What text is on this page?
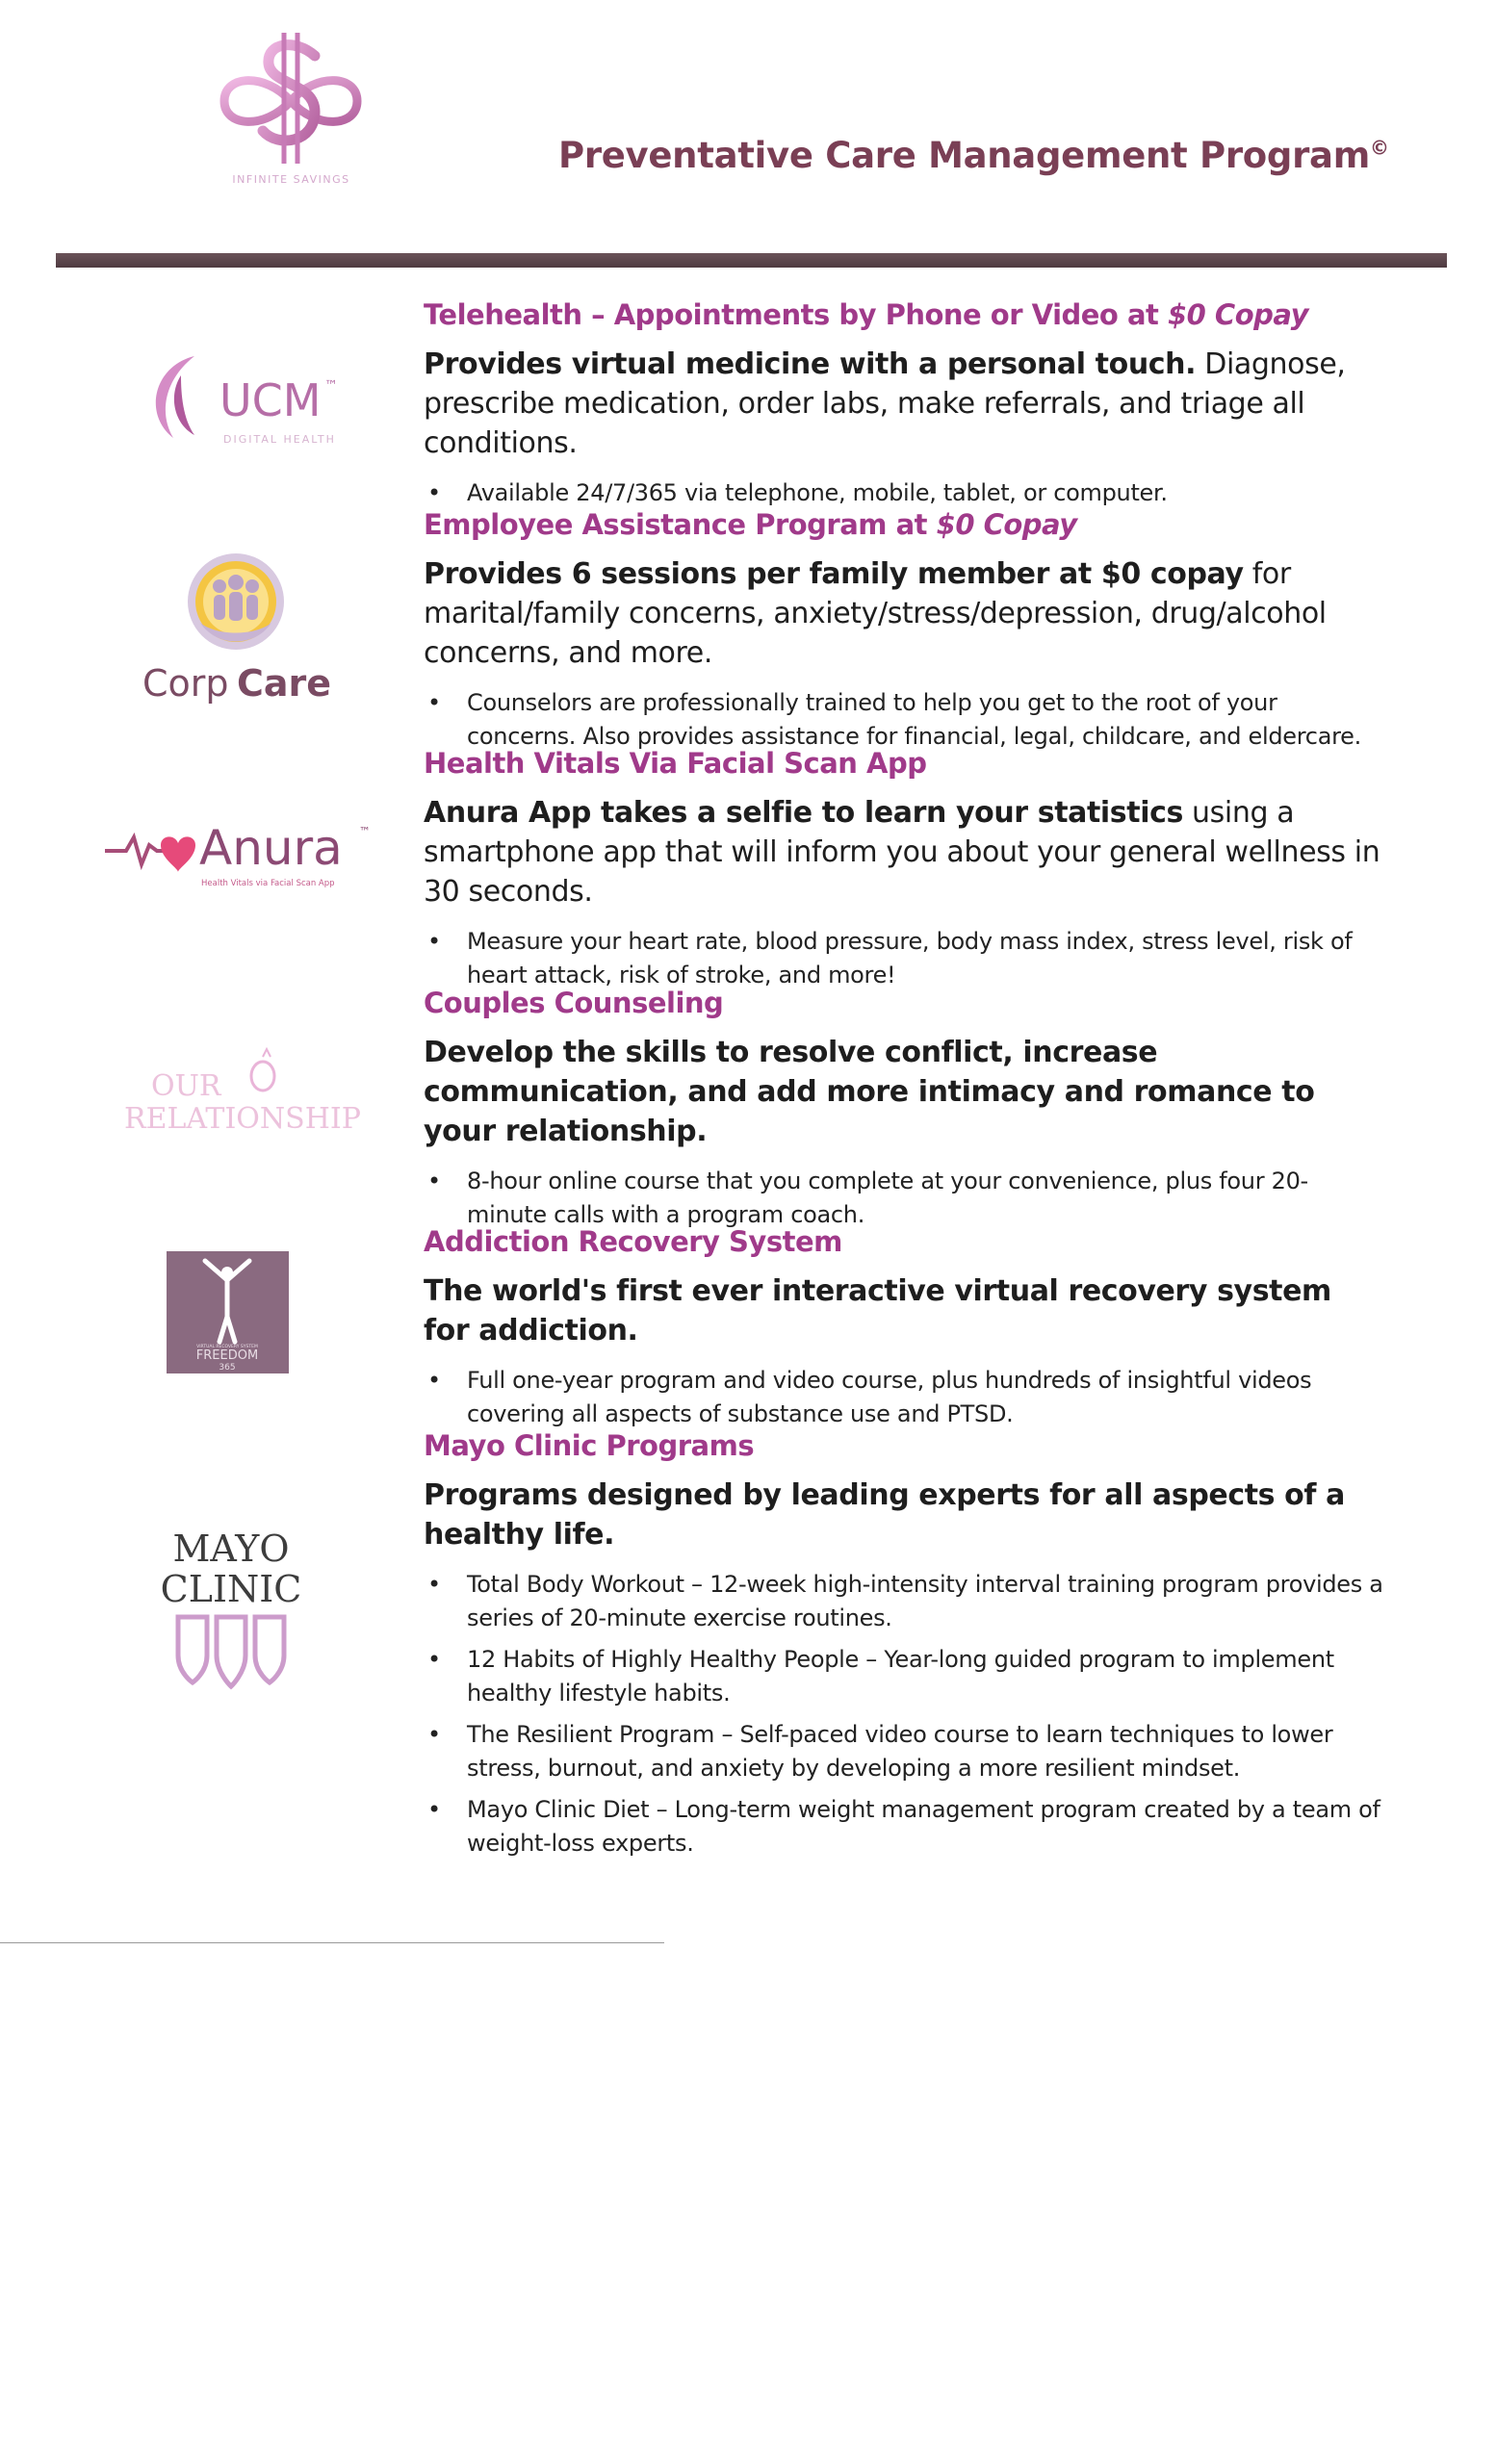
INFINITE SAVINGS
Preventative Care Management Program©
UCM ™
DIGITAL HEALTH
Corp Care
Anura ™
Health Vitals via Facial Scan App
OUR
RELATIONSHIP
VIRTUAL RECOVERY SYSTEM
FREEDOM
365
MAYO
CLINIC
Telehealth – Appointments by Phone or Video at $0 Copay
Provides virtual medicine with a personal touch. Diagnose, prescribe medication, order labs, make referrals, and triage all conditions.
• Available 24/7/365 via telephone, mobile, tablet, or computer.
Employee Assistance Program at $0 Copay
Provides 6 sessions per family member at $0 copay for marital/family concerns, anxiety/stress/depression, drug/alcohol concerns, and more.
• Counselors are professionally trained to help you get to the root of your concerns. Also provides assistance for financial, legal, childcare, and eldercare.
Health Vitals Via Facial Scan App
Anura App takes a selfie to learn your statistics using a smartphone app that will inform you about your general wellness in 30 seconds.
• Measure your heart rate, blood pressure, body mass index, stress level, risk of heart attack, risk of stroke, and more!
Couples Counseling
Develop the skills to resolve conflict, increase communication, and add more intimacy and romance to your relationship.
• 8-hour online course that you complete at your convenience, plus four 20-minute calls with a program coach.
Addiction Recovery System
The world's first ever interactive virtual recovery system for addiction.
• Full one-year program and video course, plus hundreds of insightful videos covering all aspects of substance use and PTSD.
Mayo Clinic Programs
Programs designed by leading experts for all aspects of a healthy life.
• Total Body Workout – 12-week high-intensity interval training program provides a series of 20-minute exercise routines.
• 12 Habits of Highly Healthy People – Year-long guided program to implement healthy lifestyle habits.
• The Resilient Program – Self-paced video course to learn techniques to lower stress, burnout, and anxiety by developing a more resilient mindset.
• Mayo Clinic Diet – Long-term weight management program created by a team of weight-loss experts.
